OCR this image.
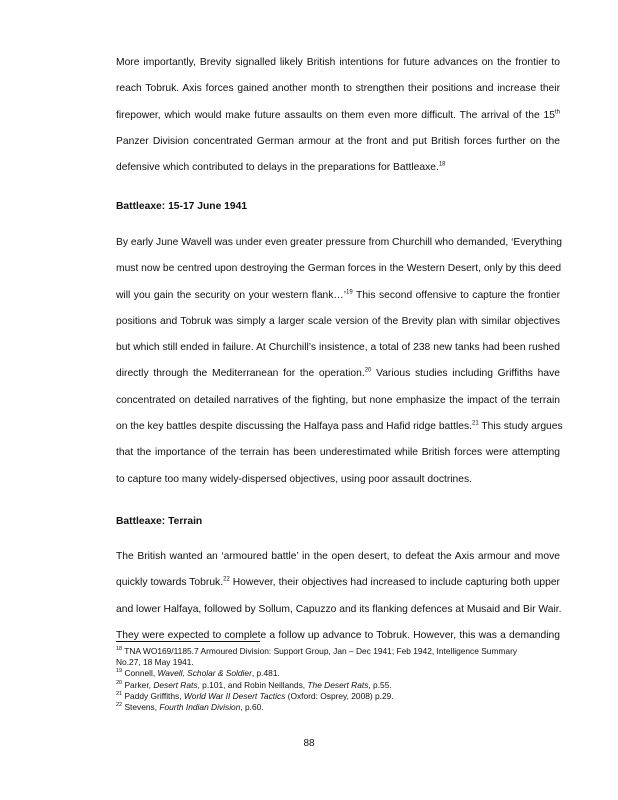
More importantly, Brevity signalled likely British intentions for future advances on the frontier to
reach Tobruk. Axis forces gained another month to strengthen their positions and increase their
firepower, which would make future assaults on them even more difficult. The arrival of the 15th
Panzer Division concentrated German armour at the front and put British forces further on the
defensive which contributed to delays in the preparations for Battleaxe.$^{18}$
Battleaxe: 15-17 June 1941
By early June Wavell was under even greater pressure from Churchill who demanded, ‘Everything
must now be centred upon destroying the German forces in the Western Desert, only by this deed
will you gain the security on your western flank…’$^{19}$ This second offensive to capture the frontier
positions and Tobruk was simply a larger scale version of the Brevity plan with similar objectives
but which still ended in failure. At Churchill’s insistence, a total of 238 new tanks had been rushed
directly through the Mediterranean for the operation.$^{20}$ Various studies including Griffiths have
concentrated on detailed narratives of the fighting, but none emphasize the impact of the terrain
on the key battles despite discussing the Halfaya pass and Hafid ridge battles.$^{21}$ This study argues
that the importance of the terrain has been underestimated while British forces were attempting
to capture too many widely-dispersed objectives, using poor assault doctrines.
Battleaxe: Terrain
The British wanted an ‘armoured battle’ in the open desert, to defeat the Axis armour and move
quickly towards Tobruk.$^{22}$ However, their objectives had increased to include capturing both upper
and lower Halfaya, followed by Sollum, Capuzzo and its flanking defences at Musaid and Bir Wair.
They were expected to complete a follow up advance to Tobruk. However, this was a demanding
$^{18}$ TNA WO169/1185.7 Armoured Division: Support Group, Jan – Dec 1941; Feb 1942, Intelligence Summary
No.27, 18 May 1941.
$^{19}$ Connell, Wavell, Scholar & Soldier, p.481.
$^{20}$ Parker, Desert Rats, p.101, and Robin Neillands, The Desert Rats, p.55.
$^{21}$ Paddy Griffiths, World War II Desert Tactics (Oxford: Osprey, 2008) p.29.
$^{22}$ Stevens, Fourth Indian Division, p.60.
88
